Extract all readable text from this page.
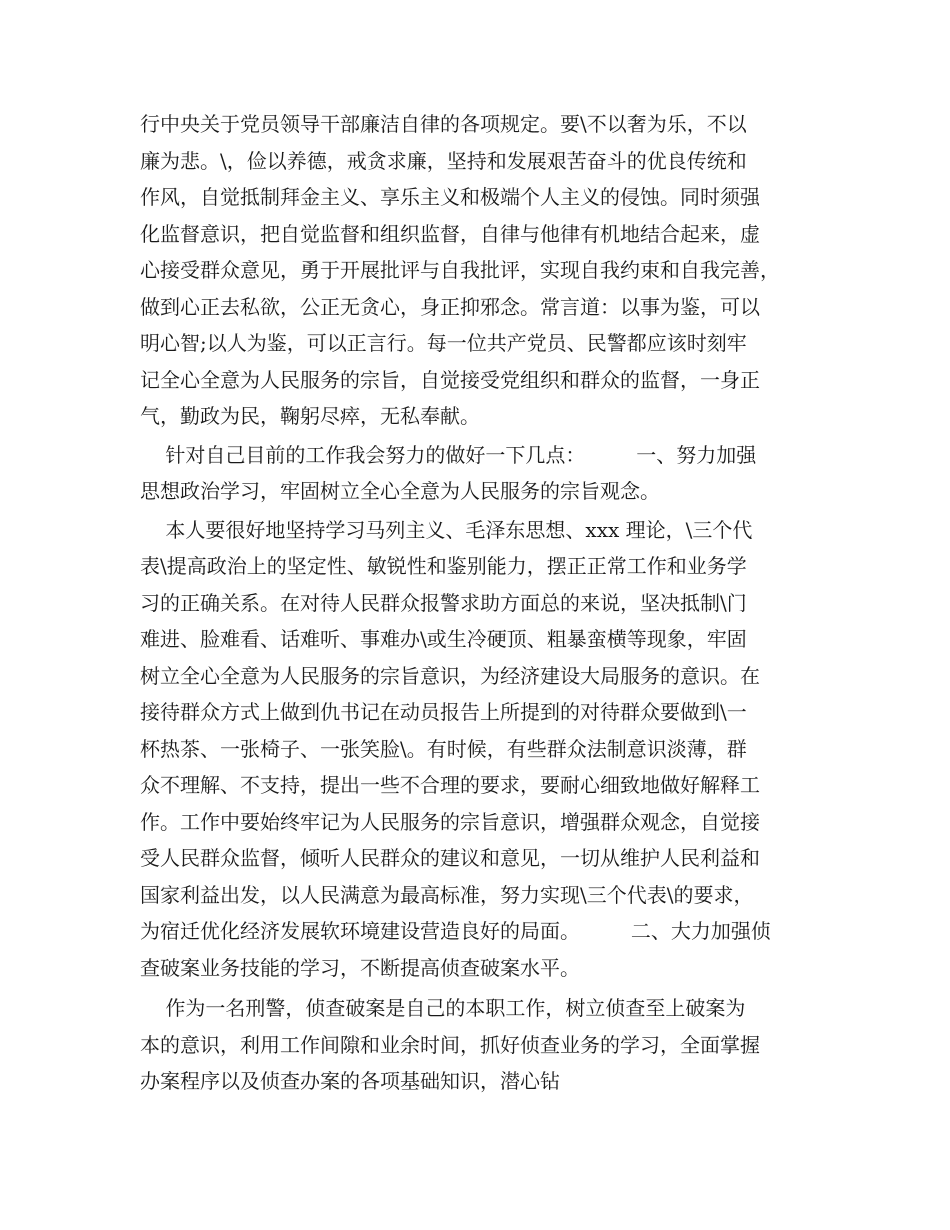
行中央关于党员领导干部廉洁自律的各项规定。要\不以奢为乐，不以
廉为悲。\，俭以养德，戒贪求廉，坚持和发展艰苦奋斗的优良传统和
作风，自觉抵制拜金主义、享乐主义和极端个人主义的侵蚀。同时须强
化监督意识，把自觉监督和组织监督，自律与他律有机地结合起来，虚
心接受群众意见，勇于开展批评与自我批评，实现自我约束和自我完善，
做到心正去私欲，公正无贪心，身正抑邪念。常言道：以事为鉴，可以
明心智;以人为鉴，可以正言行。每一位共产党员、民警都应该时刻牢
记全心全意为人民服务的宗旨，自觉接受党组织和群众的监督，一身正
气，勤政为民，鞠躬尽瘁，无私奉献。
针对自己目前的工作我会努力的做好一下几点：        一、努力加强
思想政治学习，牢固树立全心全意为人民服务的宗旨观念。
本人要很好地坚持学习马列主义、毛泽东思想、xxx 理论，\三个代
表\提高政治上的坚定性、敏锐性和鉴别能力，摆正正常工作和业务学
习的正确关系。在对待人民群众报警求助方面总的来说，坚决抵制\门
难进、脸难看、话难听、事难办\或生冷硬顶、粗暴蛮横等现象，牢固
树立全心全意为人民服务的宗旨意识，为经济建设大局服务的意识。在
接待群众方式上做到仇书记在动员报告上所提到的对待群众要做到\一
杯热茶、一张椅子、一张笑脸\。有时候，有些群众法制意识淡薄，群
众不理解、不支持，提出一些不合理的要求，要耐心细致地做好解释工
作。工作中要始终牢记为人民服务的宗旨意识，增强群众观念，自觉接
受人民群众监督，倾听人民群众的建议和意见，一切从维护人民利益和
国家利益出发，以人民满意为最高标准，努力实现\三个代表\的要求，
为宿迁优化经济发展软环境建设营造良好的局面。        二、大力加强侦
查破案业务技能的学习，不断提高侦查破案水平。
作为一名刑警，侦查破案是自己的本职工作，树立侦查至上破案为
本的意识，利用工作间隙和业余时间，抓好侦查业务的学习，全面掌握
办案程序以及侦查办案的各项基础知识，潜心钻
